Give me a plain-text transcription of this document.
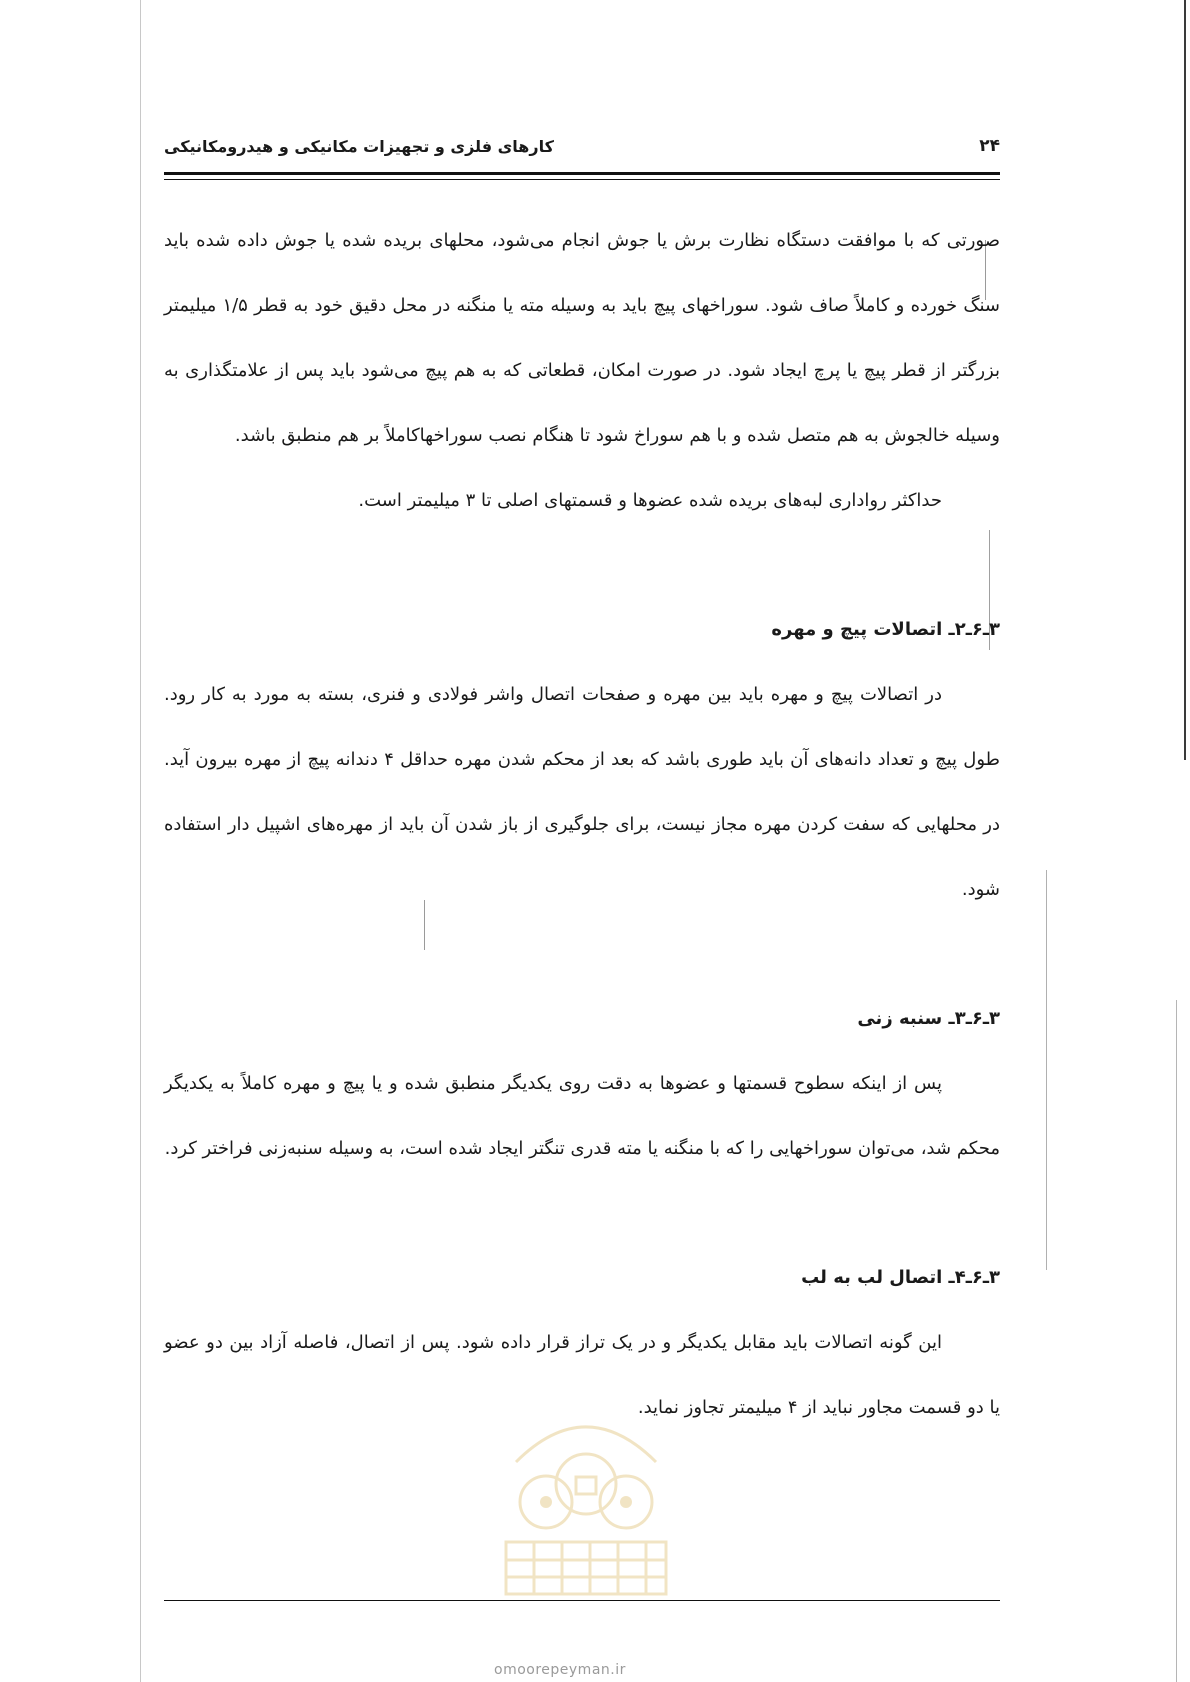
۲۴
کارهای فلزی و تجهیزات مکانیکی و هیدرومکانیکی

صورتی که با موافقت دستگاه نظارت برش یا جوش انجام می‌شود، محلهای بریده شده یا جوش داده شده باید سنگ خورده و کاملاً صاف شود. سوراخهای پیچ باید به وسیله مته یا منگنه در محل دقیق خود به قطر ۱/۵ میلیمتر بزرگتر از قطر پیچ یا پرچ ایجاد شود. در صورت امکان، قطعاتی که به هم پیچ می‌شود باید پس از علامتگذاری به وسیله خالجوش به هم متصل شده و با هم سوراخ شود تا هنگام نصب سوراخهاکاملاً بر هم منطبق باشد.

حداکثر رواداری لبه‌های بریده شده عضوها و قسمتهای اصلی تا ۳ میلیمتر است.

۳ـ۶ـ۲ـ اتصالات پیچ و مهره

در اتصالات پیچ و مهره باید بین مهره و صفحات اتصال واشر فولادی و فنری، بسته به مورد به کار رود. طول پیچ و تعداد دانه‌های آن باید طوری باشد که بعد از محکم شدن مهره حداقل ۴ دندانه پیچ از مهره بیرون آید. در محلهایی که سفت کردن مهره مجاز نیست، برای جلوگیری از باز شدن آن باید از مهره‌های اشپیل دار استفاده شود.

۳ـ۶ـ۳ـ سنبه زنی

پس از اینکه سطوح قسمتها و عضوها به دقت روی یکدیگر منطبق شده و یا پیچ و مهره کاملاً به یکدیگر محکم شد، می‌توان سوراخهایی را که با منگنه یا مته قدری تنگتر ایجاد شده است، به وسیله سنبه‌زنی فراختر کرد.

۳ـ۶ـ۴ـ اتصال لب به لب

این گونه اتصالات باید مقابل یکدیگر و در یک تراز قرار داده شود. پس از اتصال، فاصله آزاد بین دو عضو یا دو قسمت مجاور نباید از ۴ میلیمتر تجاوز نماید.

omoorepeyman.ir
